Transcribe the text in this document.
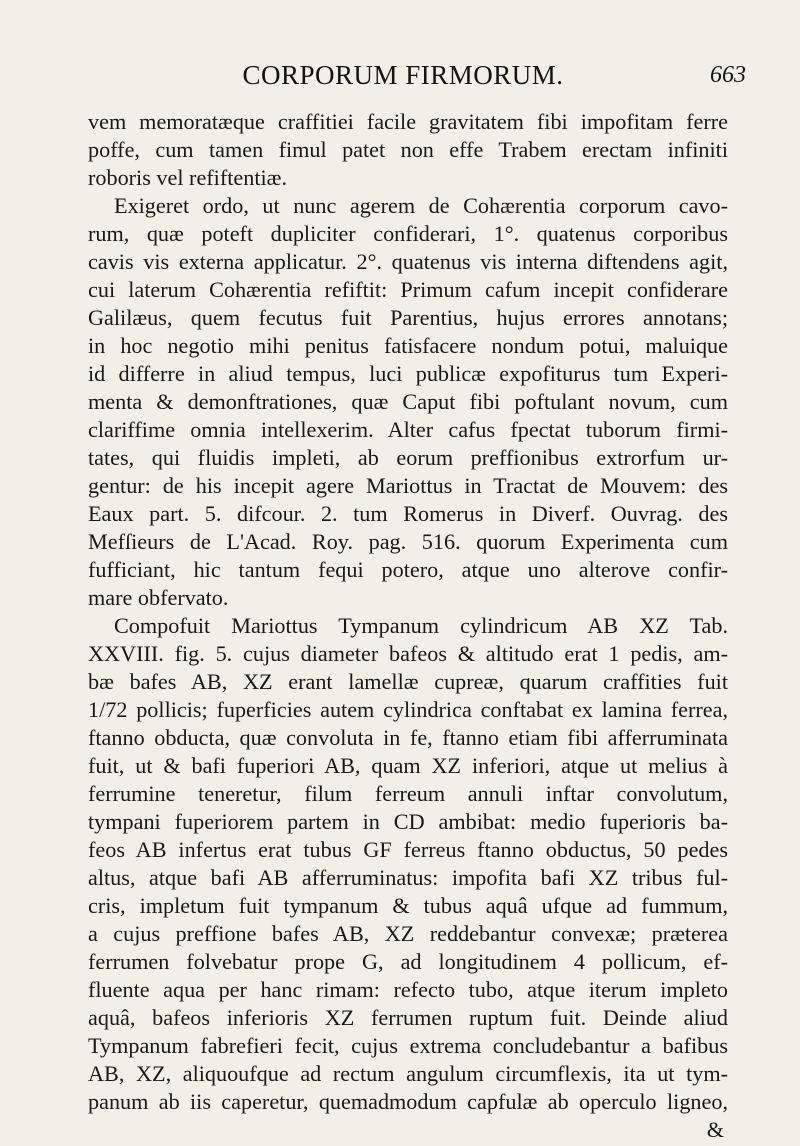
CORPORUM FIRMORUM.	663
vem memoratæque craffitiei facile gravitatem fibi impofitam ferre
poffe, cum tamen fimul patet non effe Trabem erectam infiniti
roboris vel refiftentiæ.
Exigeret ordo, ut nunc agerem de Cohærentia corporum cavo-
rum, quæ poteft dupliciter confiderari, 1°. quatenus corporibus
cavis vis externa applicatur. 2°. quatenus vis interna diftendens agit,
cui laterum Cohærentia refiftit: Primum cafum incepit confiderare
Galilæus, quem fecutus fuit Parentius, hujus errores annotans;
in hoc negotio mihi penitus fatisfacere nondum potui, maluique
id differre in aliud tempus, luci publicæ expofiturus tum Experi-
menta & demonftrationes, quæ Caput fibi poftulant novum, cum
clariffime omnia intellexerim. Alter cafus fpectat tuborum firmi-
tates, qui fluidis impleti, ab eorum preffionibus extrorfum ur-
gentur: de his incepit agere Mariottus in Tractat de Mouvem: des
Eaux part. 5. difcour. 2. tum Romerus in Diverf. Ouvrag. des
Mefſieurs de L'Acad. Roy. pag. 516. quorum Experimenta cum
fufficiant, hic tantum fequi potero, atque uno alterove confir-
mare obfervato.
Compofuit Mariottus Tympanum cylindricum AB XZ Tab.
XXVIII. fig. 5. cujus diameter bafeos & altitudo erat 1 pedis, am-
bæ bafes AB, XZ erant lamellæ cupreæ, quarum craffities fuit
1/72 pollicis; fuperficies autem cylindrica conftabat ex lamina ferrea,
ftanno obducta, quæ convoluta in fe, ftanno etiam fibi afferruminata
fuit, ut & bafi fuperiori AB, quam XZ inferiori, atque ut melius à
ferrumine teneretur, filum ferreum annuli inftar convolutum,
tympani fuperiorem partem in CD ambibat: medio fuperioris ba-
feos AB infertus erat tubus GF ferreus ftanno obductus, 50 pedes
altus, atque bafi AB afferruminatus: impofita bafi XZ tribus ful-
cris, impletum fuit tympanum & tubus aquâ ufque ad fummum,
a cujus preffione bafes AB, XZ reddebantur convexæ; præterea
ferrumen folvebatur prope G, ad longitudinem 4 pollicum, ef-
fluente aqua per hanc rimam: refecto tubo, atque iterum impleto
aquâ, bafeos inferioris XZ ferrumen ruptum fuit. Deinde aliud
Tympanum fabrefieri fecit, cujus extrema concludebantur a bafibus
AB, XZ, aliquoufque ad rectum angulum circumflexis, ita ut tym-
panum ab iis caperetur, quemadmodum capfulæ ab operculo ligneo,
&
